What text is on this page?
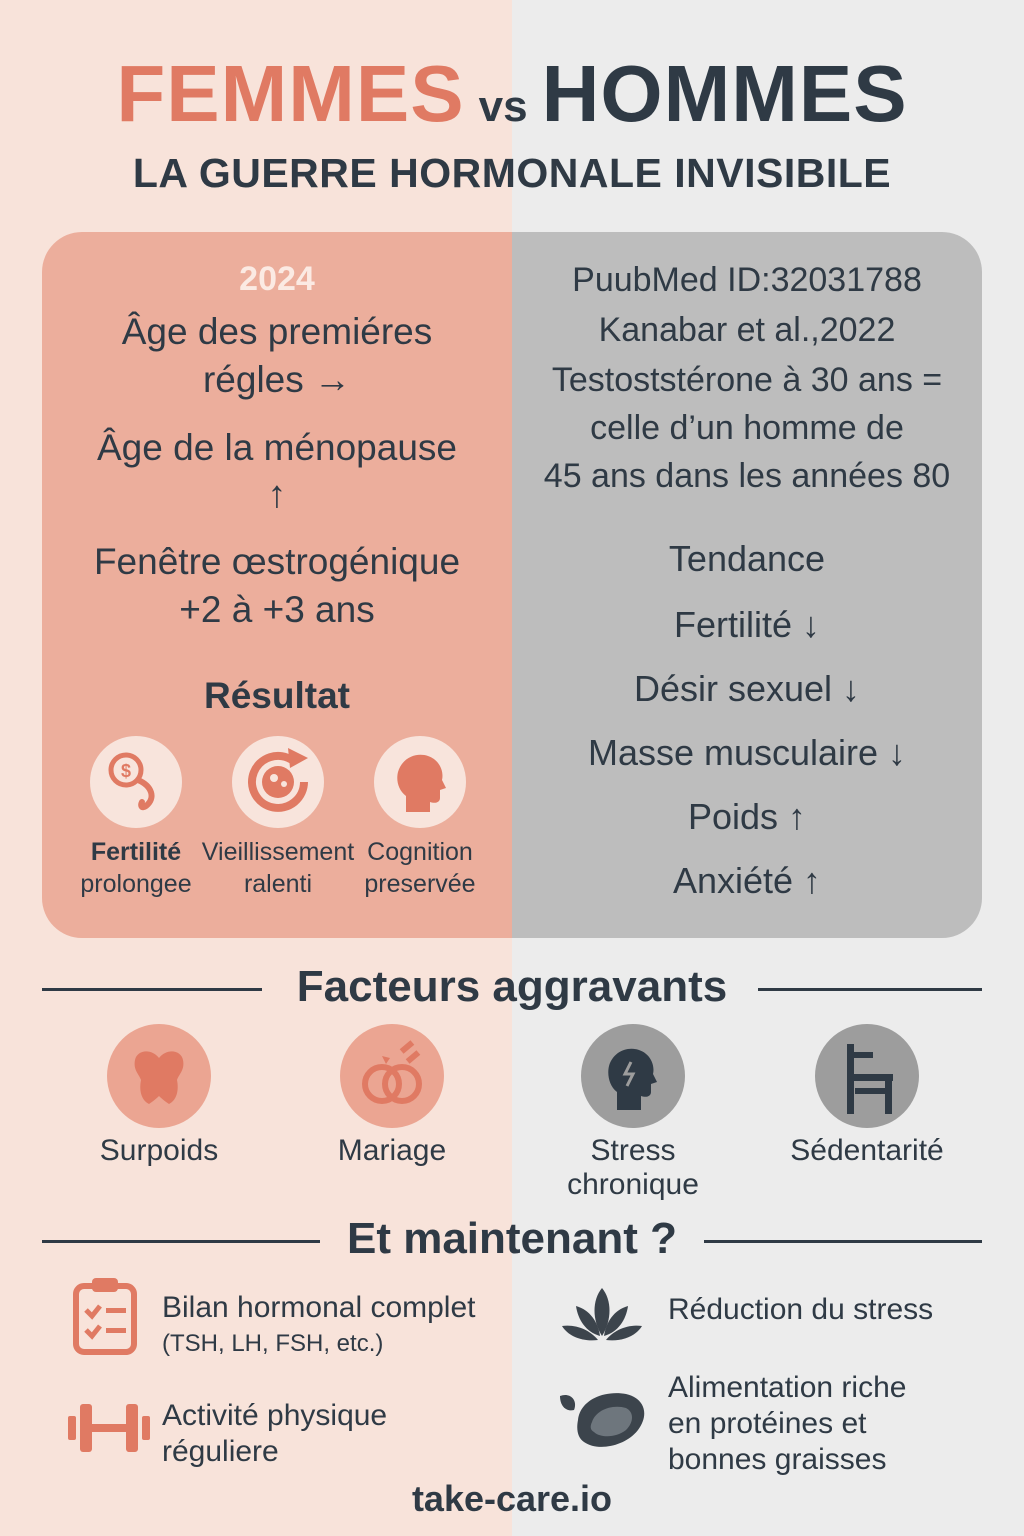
FEMMES vs HOMMES
LA GUERRE HORMONALE INVISIBILE
2024
Âge des premiéres
régles →
Âge de la ménopause
↑
Fenêtre œstrogénique
+2 à +3 ans
Résultat
$
Fertilité
prolongee
Vieillissement
ralenti
Cognition
preservée
PuubMed ID:32031788
Kanabar et al.,2022
Testoststérone à 30 ans =
celle d’un homme de
45 ans dans les années 80
Tendance
Fertilité ↓
Désir sexuel ↓
Masse musculaire ↓
Poids ↑
Anxiété ↑
Facteurs aggravants
Surpoids	Mariage	Stress
chronique
Sédentarité
Et maintenant ?
Bilan hormonal complet
(TSH, LH, FSH, etc.)
Réduction du stress
Activité physique
réguliere
Alimentation riche
en protéines et
bonnes graisses
take-care.io
